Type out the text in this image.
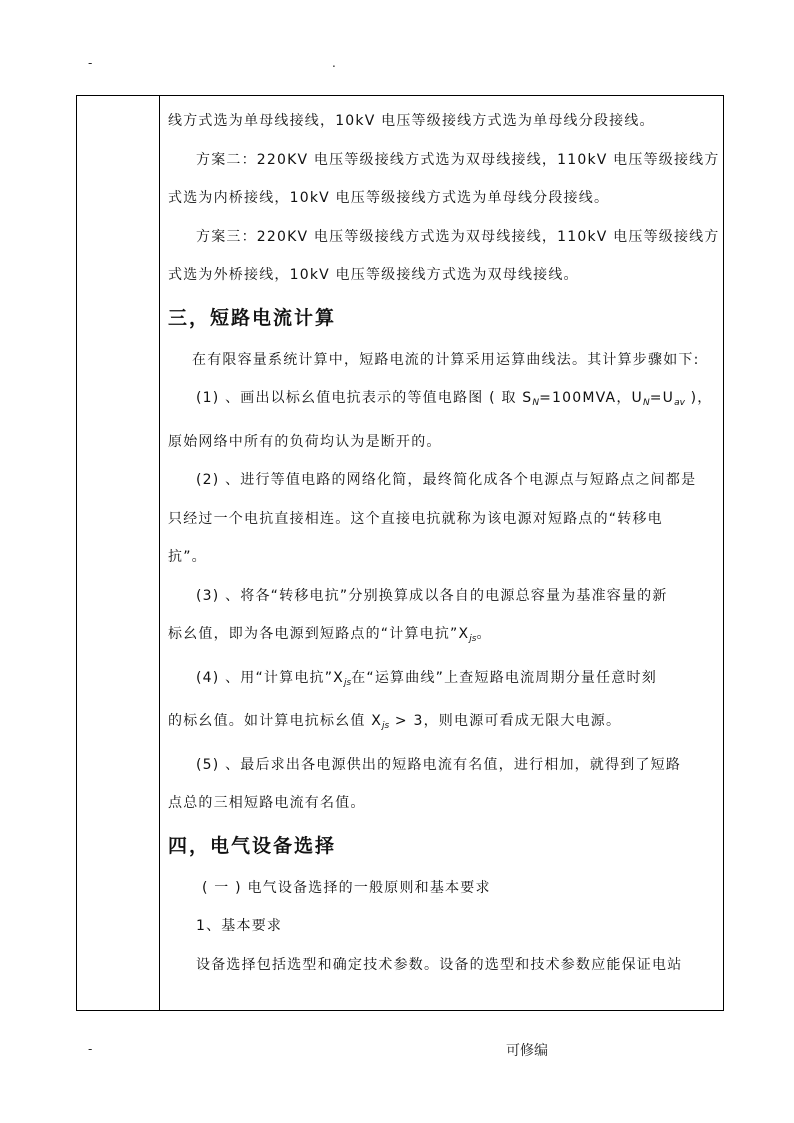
-	.

线方式选为单母线接线，10kV 电压等级接线方式选为单母线分段接线。

方案二：220KV 电压等级接线方式选为双母线接线，110kV 电压等级接线方

式选为内桥接线，10kV 电压等级接线方式选为单母线分段接线。

方案三：220KV 电压等级接线方式选为双母线接线，110kV 电压等级接线方

式选为外桥接线，10kV 电压等级接线方式选为双母线接线。

三，短路电流计算

在有限容量系统计算中，短路电流的计算采用运算曲线法。其计算步骤如下:

(1) 、画出以标幺值电抗表示的等值电路图 ( 取 $S_N=100MVA$，$U_N=U_{av}$ )，

原始网络中所有的负荷均认为是断开的。

(2) 、进行等值电路的网络化简，最终简化成各个电源点与短路点之间都是

只经过一个电抗直接相连。这个直接电抗就称为该电源对短路点的“转移电

抗”。

(3) 、将各“转移电抗”分别换算成以各自的电源总容量为基准容量的新

标幺值，即为各电源到短路点的“计算电抗$”X_{js}$。

(4) 、用“计算电抗$”X_{js}$在“运算曲线”上查短路电流周期分量任意时刻

的标幺值。如计算电抗标幺值 $X_{js} > 3$，则电源可看成无限大电源。

(5) 、最后求出各电源供出的短路电流有名值，进行相加，就得到了短路

点总的三相短路电流有名值。

四，电气设备选择

( 一 ) 电气设备选择的一般原则和基本要求

1、基本要求

设备选择包括选型和确定技术参数。设备的选型和技术参数应能保证电站

-	可修编
